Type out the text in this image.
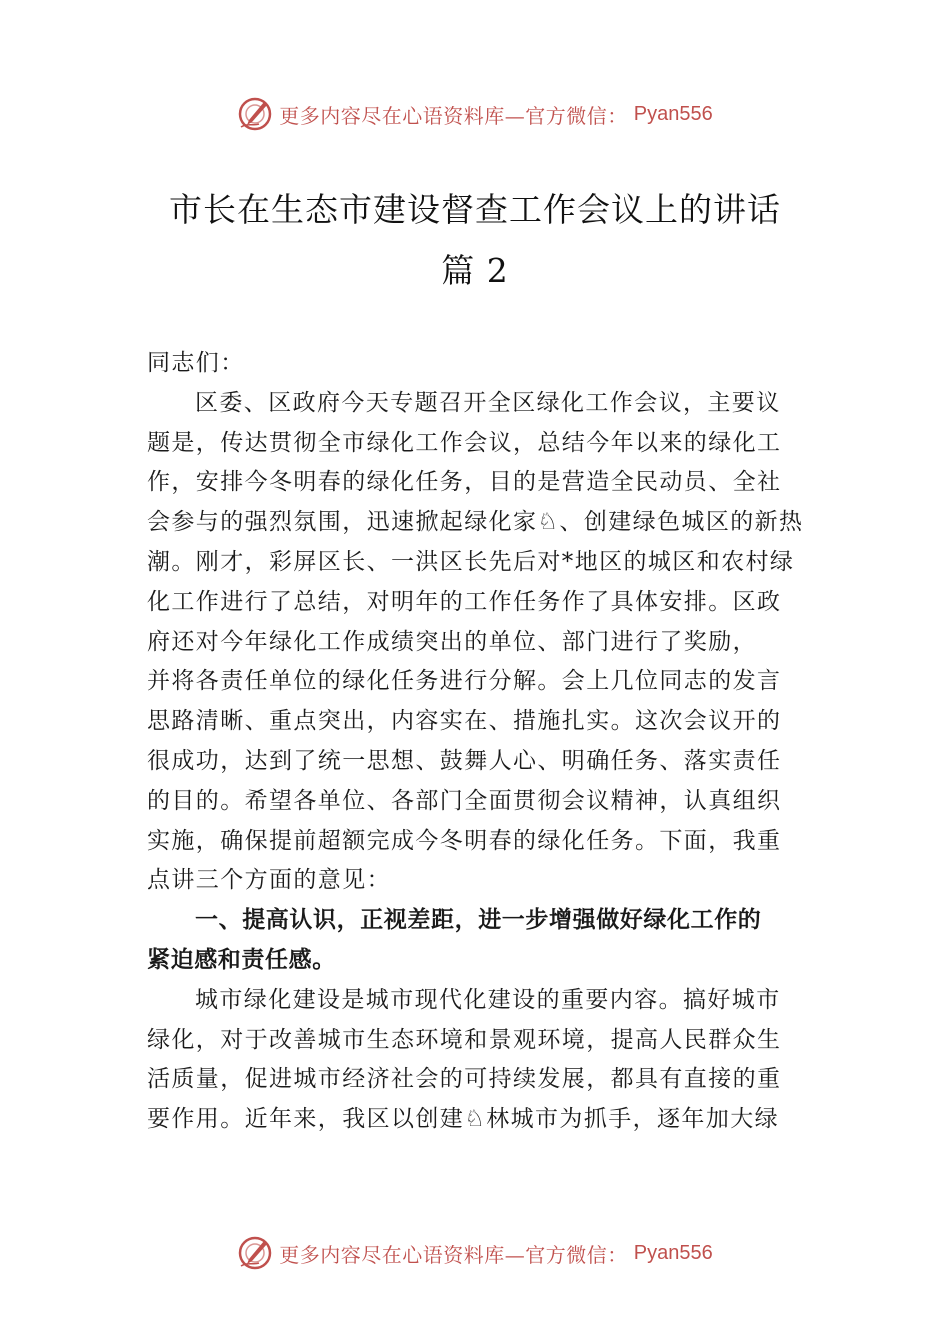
更多内容尽在心语资料库—官方微信： Pyan556
市长在生态市建设督查工作会议上的讲话
篇 2
同志们：
区委、区政府今天专题召开全区绿化工作会议，主要议
题是，传达贯彻全市绿化工作会议，总结今年以来的绿化工
作，安排今冬明春的绿化任务，目的是营造全民动员、全社
会参与的强烈氛围，迅速掀起绿化家♘、创建绿色城区的新热
潮。刚才，彩屏区长、一洪区长先后对*地区的城区和农村绿
化工作进行了总结，对明年的工作任务作了具体安排。区政
府还对今年绿化工作成绩突出的单位、部门进行了奖励，
并将各责任单位的绿化任务进行分解。会上几位同志的发言
思路清晰、重点突出，内容实在、措施扎实。这次会议开的
很成功，达到了统一思想、鼓舞人心、明确任务、落实责任
的目的。希望各单位、各部门全面贯彻会议精神，认真组织
实施，确保提前超额完成今冬明春的绿化任务。下面，我重
点讲三个方面的意见：
一、提高认识，正视差距，进一步增强做好绿化工作的
紧迫感和责任感。
城市绿化建设是城市现代化建设的重要内容。搞好城市
绿化，对于改善城市生态环境和景观环境，提高人民群众生
活质量，促进城市经济社会的可持续发展，都具有直接的重
要作用。近年来，我区以创建♘林城市为抓手，逐年加大绿
更多内容尽在心语资料库—官方微信： Pyan556
